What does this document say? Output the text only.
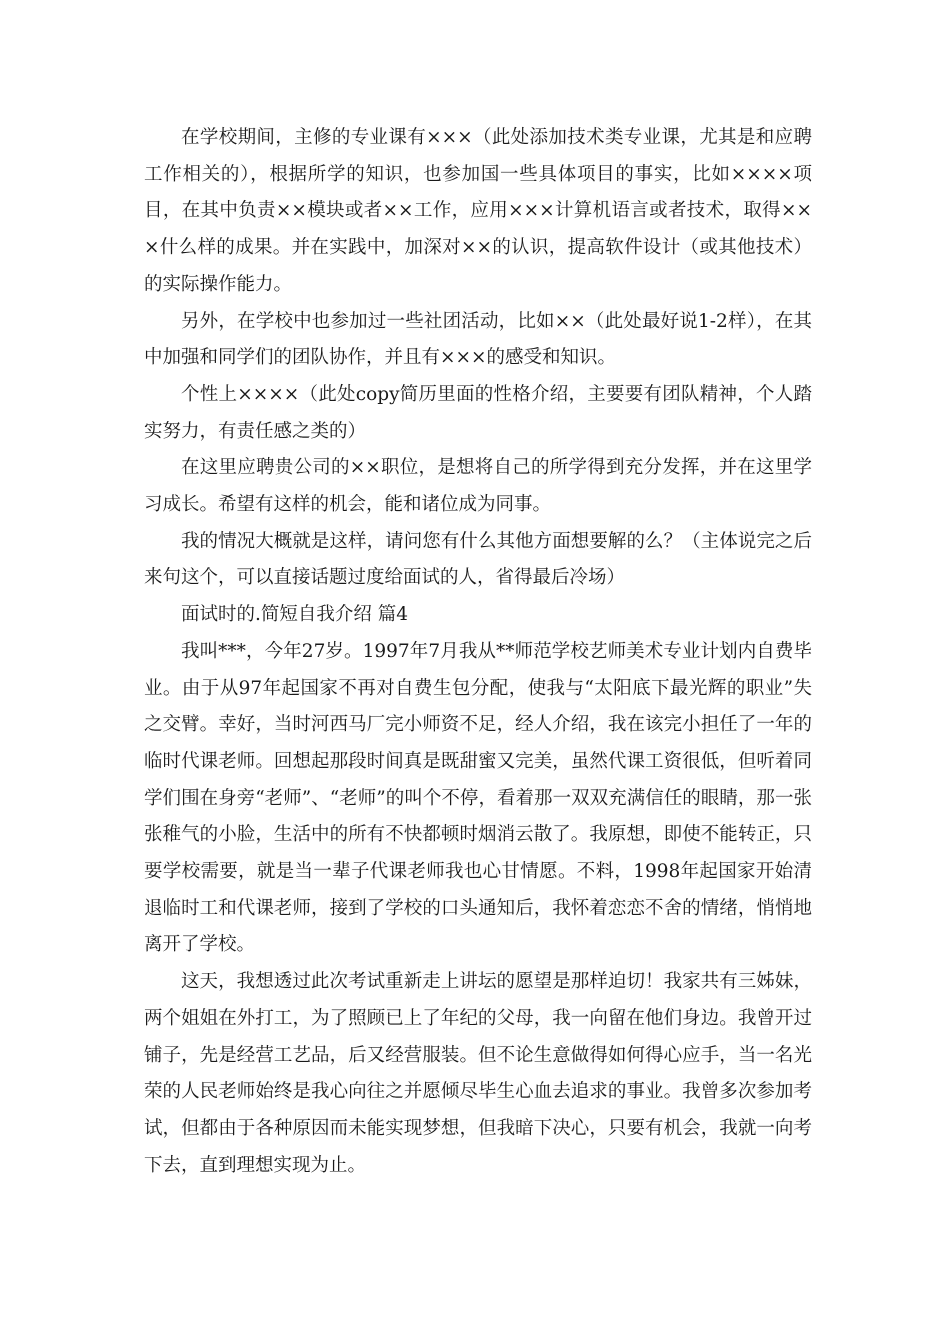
在学校期间，主修的专业课有×××（此处添加技术类专业课，尤其是和应聘工作相关的），根据所学的知识，也参加国一些具体项目的事实，比如××××项目，在其中负责××模块或者××工作，应用×××计算机语言或者技术，取得×××什么样的成果。并在实践中，加深对××的认识，提高软件设计（或其他技术）的实际操作能力。

另外，在学校中也参加过一些社团活动，比如××（此处最好说1-2样），在其中加强和同学们的团队协作，并且有×××的感受和知识。

个性上××××（此处copy简历里面的性格介绍，主要要有团队精神，个人踏实努力，有责任感之类的）

在这里应聘贵公司的××职位，是想将自己的所学得到充分发挥，并在这里学习成长。希望有这样的机会，能和诸位成为同事。

我的情况大概就是这样，请问您有什么其他方面想要解的么？（主体说完之后来句这个，可以直接话题过度给面试的人，省得最后冷场）

面试时的.简短自我介绍 篇4

我叫***，今年27岁。1997年7月我从**师范学校艺师美术专业计划内自费毕业。由于从97年起国家不再对自费生包分配，使我与“太阳底下最光辉的职业”失之交臂。幸好，当时河西马厂完小师资不足，经人介绍，我在该完小担任了一年的临时代课老师。回想起那段时间真是既甜蜜又完美，虽然代课工资很低，但听着同学们围在身旁“老师”、“老师”的叫个不停，看着那一双双充满信任的眼睛，那一张张稚气的小脸，生活中的所有不快都顿时烟消云散了。我原想，即使不能转正，只要学校需要，就是当一辈子代课老师我也心甘情愿。不料，1998年起国家开始清退临时工和代课老师，接到了学校的口头通知后，我怀着恋恋不舍的情绪，悄悄地离开了学校。

这天，我想透过此次考试重新走上讲坛的愿望是那样迫切！我家共有三姊妹，两个姐姐在外打工，为了照顾已上了年纪的父母，我一向留在他们身边。我曾开过铺子，先是经营工艺品，后又经营服装。但不论生意做得如何得心应手，当一名光荣的人民老师始终是我心向往之并愿倾尽毕生心血去追求的事业。我曾多次参加考试，但都由于各种原因而未能实现梦想，但我暗下决心，只要有机会，我就一向考下去，直到理想实现为止。
